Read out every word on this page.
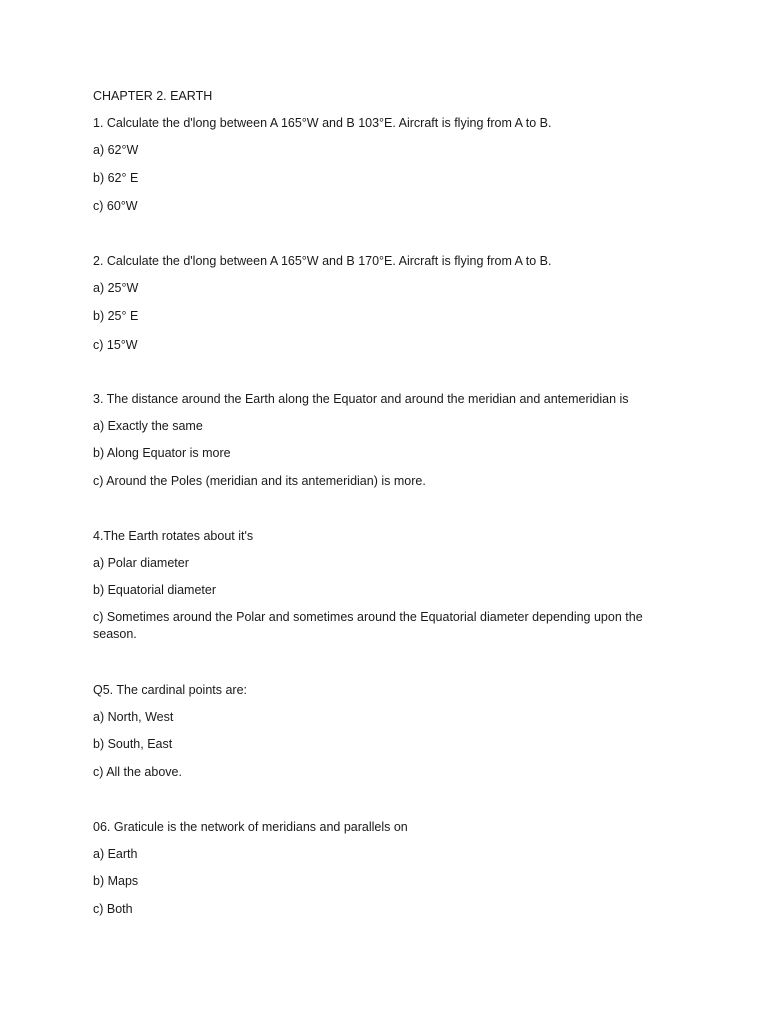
CHAPTER 2. EARTH
1. Calculate the d'long between A 165°W and B 103°E. Aircraft is flying from A to B.
a) 62°W
b) 62° E
c) 60°W
2. Calculate the d'long between A 165°W and B 170°E. Aircraft is flying from A to B.
a) 25°W
b) 25° E
c) 15°W
3. The distance around the Earth along the Equator and around the meridian and antemeridian is
a) Exactly the same
b) Along Equator is more
c) Around the Poles (meridian and its antemeridian) is more.
4.The Earth rotates about it's
a) Polar diameter
b) Equatorial diameter
c) Sometimes around the Polar and sometimes around the Equatorial diameter depending upon the season.
Q5. The cardinal points are:
a) North, West
b) South, East
c) All the above.
06. Graticule is the network of meridians and parallels on
a) Earth
b) Maps
c) Both
